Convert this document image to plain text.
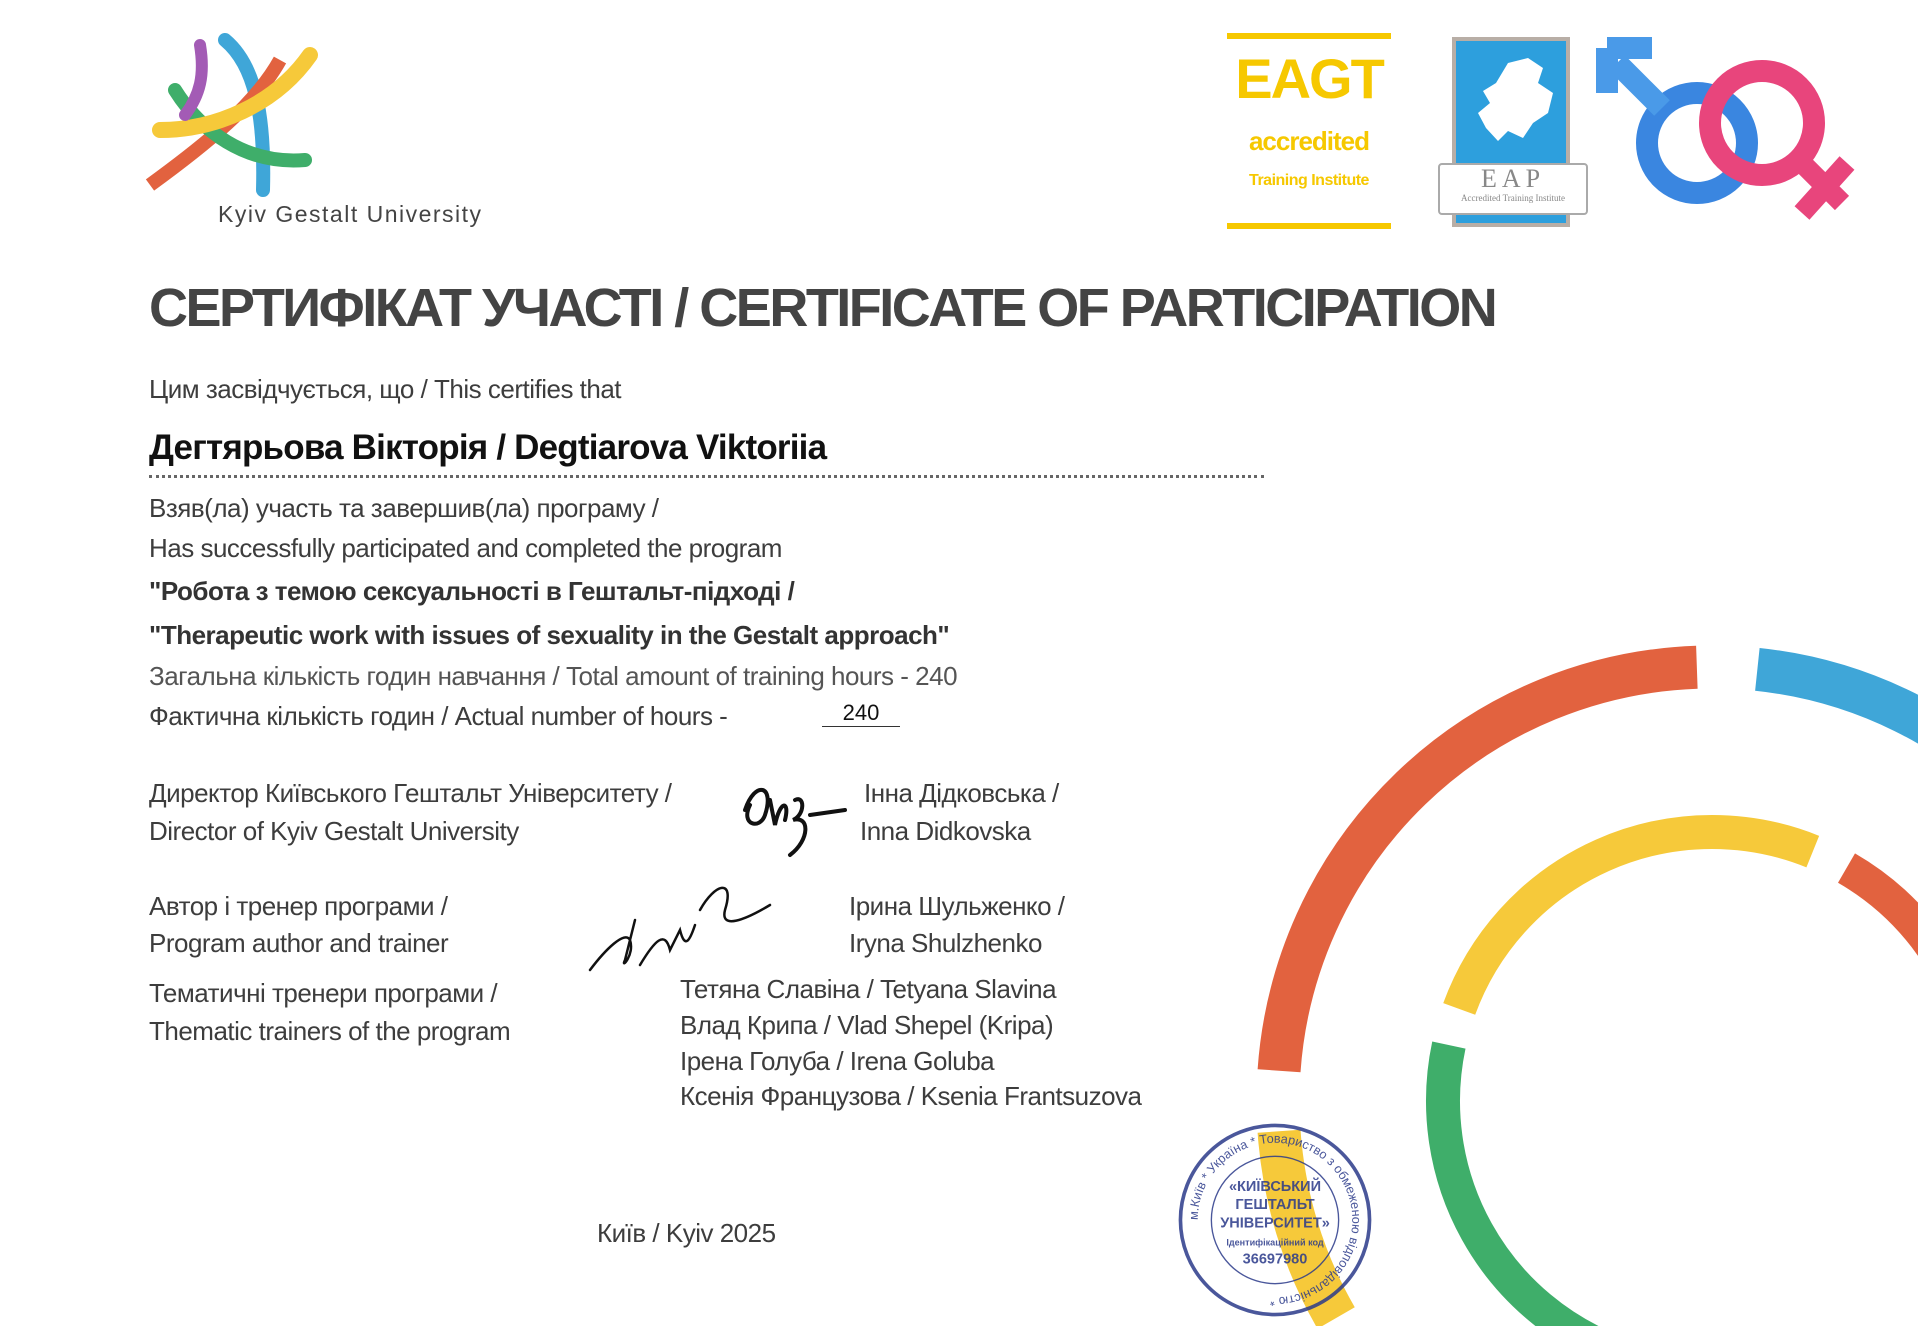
Kyiv Gestalt University
EAGT
accredited
Training Institute	EAP
Accredited Training Institute
СЕРТИФІКАТ УЧАСТІ / CERTIFICATE OF PARTICIPATION
Цим засвідчується, що / This certifies that
Дегтярьова Вікторія / Degtiarova Viktoriia
Взяв(ла) участь та завершив(ла) програму /
Has successfully participated and completed the program
"Робота з темою сексуальності в Гештальт-підході /
"Therapeutic work with issues of sexuality in the Gestalt approach"
Загальна кількість годин навчання / Total amount of training hours - 240
Фактична кількість годин / Actual number of hours -	240
Директор Київського Гештальт Університету /
Director of Kyiv Gestalt University
Інна Дідковська /
Inna Didkovska
Автор і тренер програми /
Program author and trainer
Ірина Шульженко /
Iryna Shulzhenko
Тематичні тренери програми /
Thematic trainers of the program
Тетяна Славіна / Tetyana Slavina
Влад Крипа / Vlad Shepel (Kripa)
Ірена Голуба / Irena Goluba
Ксенія Французова / Ksenia Frantsuzova
Київ / Kyiv 2025
м.Київ * Україна * Товариство з обмеженою відповідальністю *
«КИЇВСЬКИЙ
ГЕШТАЛЬТ
УНІВЕРСИТЕТ»
Ідентифікаційний код
36697980
